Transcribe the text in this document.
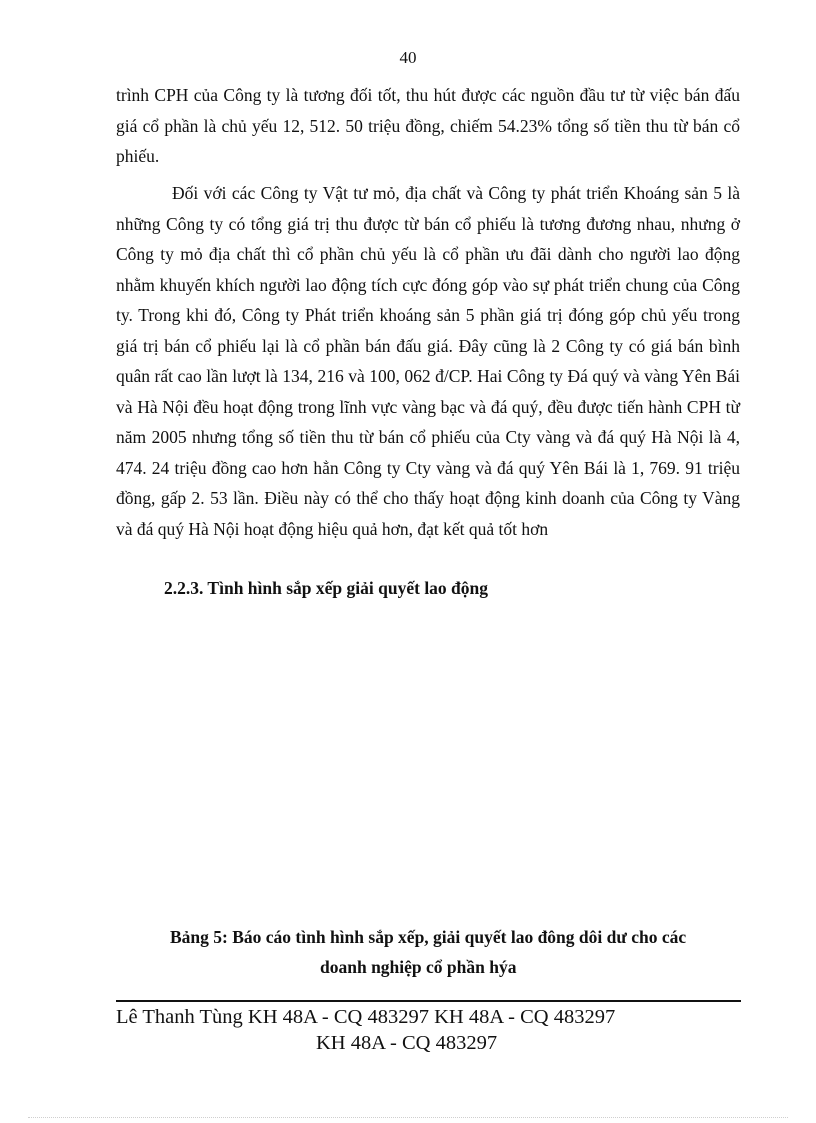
40

trình CPH của Công ty là tương đối tốt, thu hút được các nguồn đầu tư từ việc bán đấu giá cổ phần là chủ yếu 12, 512. 50 triệu đồng, chiếm 54.23% tổng số tiền thu từ bán cổ phiếu.

Đối với các Công ty Vật tư mỏ, địa chất và Công ty phát triển Khoáng sản 5 là những Công ty có tổng giá trị thu được từ bán cổ phiếu là tương đương nhau, nhưng ở Công ty mỏ địa chất thì cổ phần chủ yếu là cổ phần ưu đãi dành cho người lao động nhằm khuyến khích người lao động tích cực đóng góp vào sự phát triển chung của Công ty. Trong khi đó, Công ty Phát triển khoáng sản 5 phần giá trị đóng góp chủ yếu trong giá trị bán cổ phiếu lại là cổ phần bán đấu giá. Đây cũng là 2 Công ty có giá bán bình quân rất cao lần lượt là 134, 216 và 100, 062 đ/CP. Hai Công ty Đá quý và vàng Yên Bái và Hà Nội đều hoạt động trong lĩnh vực vàng bạc và đá quý, đều được tiến hành CPH từ năm 2005 nhưng tổng số tiền thu từ bán cổ phiếu của Cty vàng và đá quý Hà Nội là 4, 474. 24 triệu đồng cao hơn hẳn Công ty Cty vàng và đá quý Yên Bái là 1, 769. 91 triệu đồng, gấp 2. 53 lần. Điều này có thể cho thấy hoạt động kinh doanh của Công ty Vàng và đá quý Hà Nội hoạt động hiệu quả hơn, đạt kết quả tốt hơn

2.2.3. Tình hình sắp xếp giải quyết lao động

Bảng 5: Báo cáo tình hình sắp xếp, giải quyết lao đông dôi dư cho các
doanh nghiệp cổ phần hýa

Lê Thanh Tùng KH 48A - CQ 483297 KH 48A - CQ 483297
KH 48A - CQ 483297
